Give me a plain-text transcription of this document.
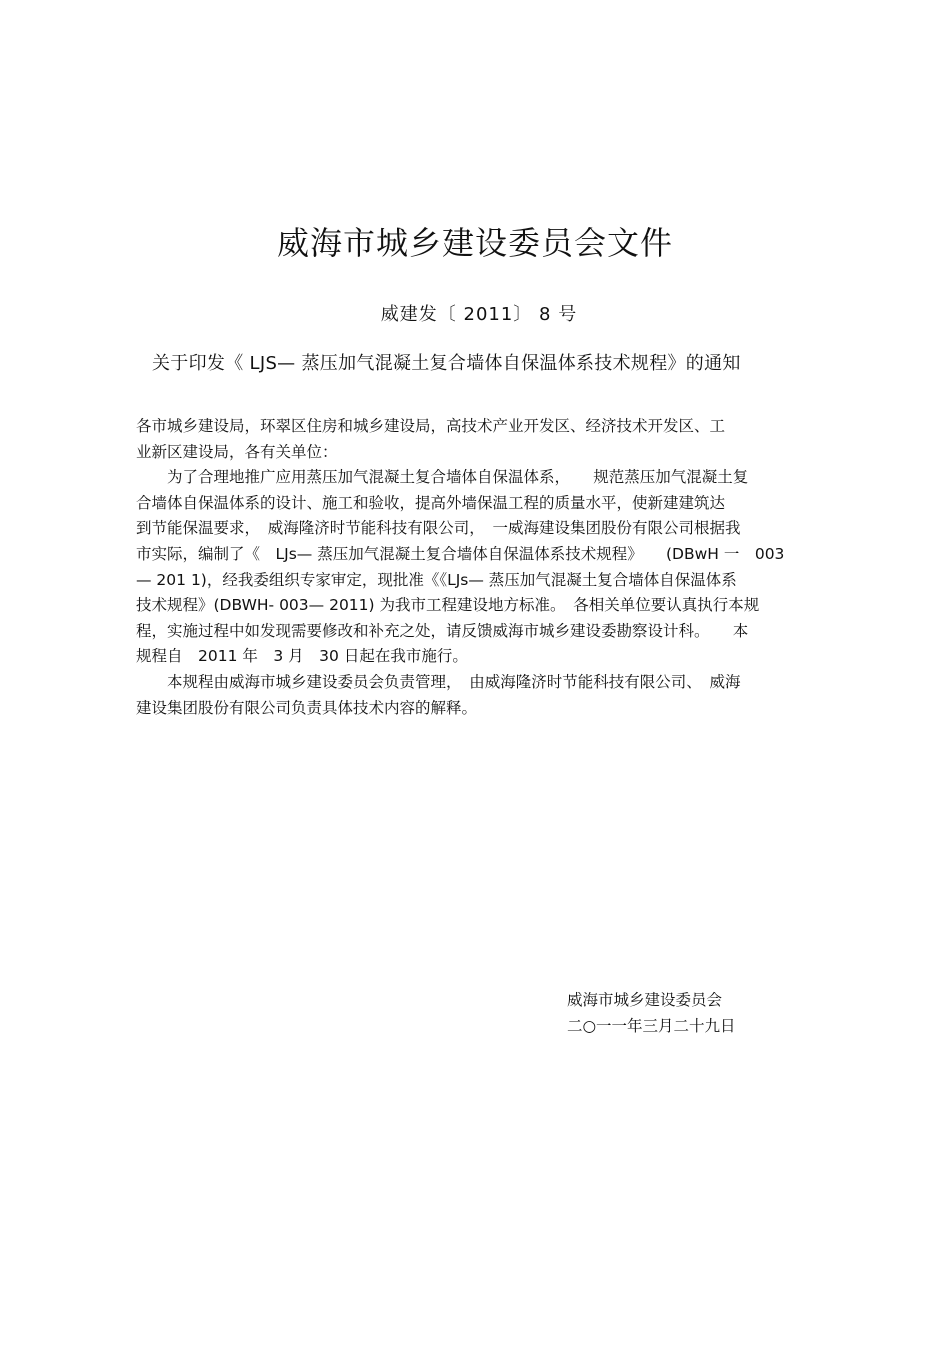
威海市城乡建设委员会文件
威建发〔 2011〕 8 号
关于印发《 LJS— 蒸压加气混凝土复合墙体自保温体系技术规程》的通知
各市城乡建设局，环翠区住房和城乡建设局，高技术产业开发区、经济技术开发区、工
业新区建设局，各有关单位：
　　为了合理地推广应用蒸压加气混凝土复合墙体自保温体系，　　规范蒸压加气混凝土复
合墙体自保温体系的设计、施工和验收，提高外墙保温工程的质量水平，使新建建筑达
到节能保温要求，　威海隆济时节能科技有限公司，　一威海建设集团股份有限公司根据我
市实际，编制了《　LJs— 蒸压加气混凝土复合墙体自保温体系技术规程》　　(DBwH 一　003
— 201 1)，经我委组织专家审定，现批准《《LJs— 蒸压加气混凝土复合墙体自保温体系
技术规程》(DBWH- 003— 2011) 为我市工程建设地方标准。　各相关单位要认真执行本规
程，实施过程中如发现需要修改和补充之处，请反馈威海市城乡建设委勘察设计科。　　本
规程自　2011 年　3 月　30 日起在我市施行。
　　本规程由威海市城乡建设委员会负责管理，　由威海隆济时节能科技有限公司、　威海
建设集团股份有限公司负责具体技术内容的解释。
威海市城乡建设委员会
二○一一年三月二十九日
